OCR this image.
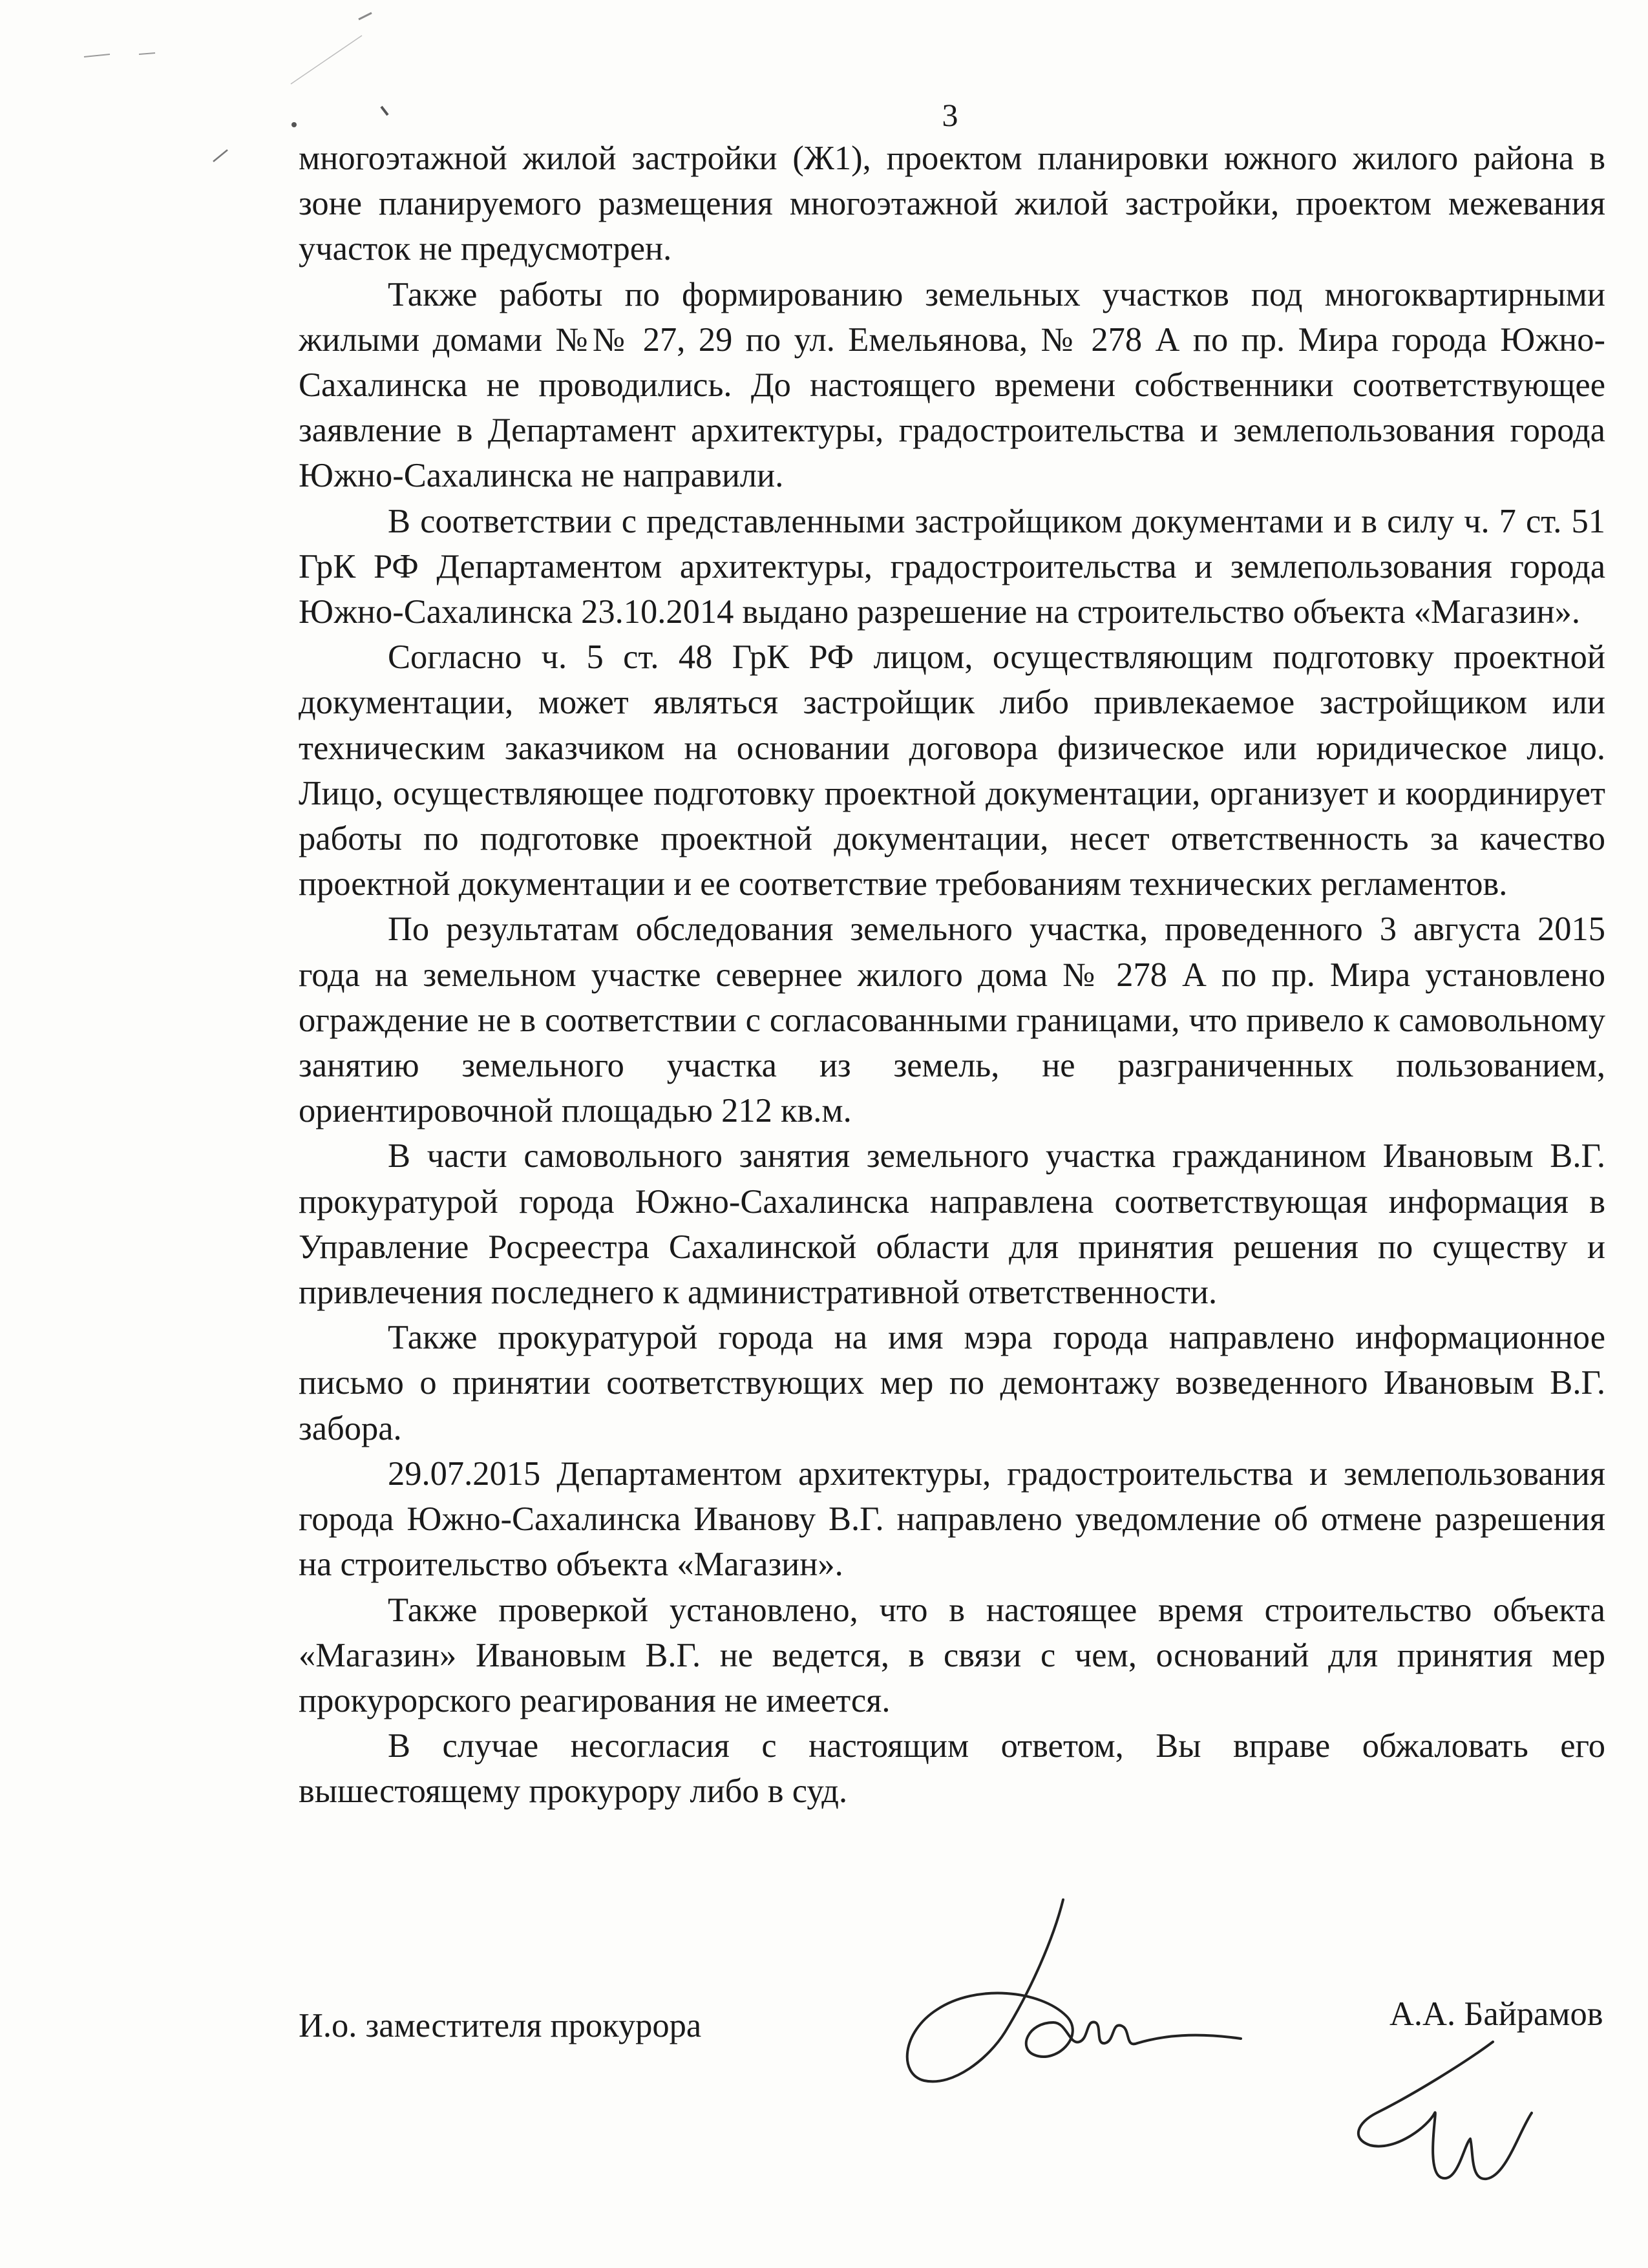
3

многоэтажной жилой застройки (Ж1), проектом планировки южного жилого района в зоне планируемого размещения многоэтажной жилой застройки, проектом межевания участок не предусмотрен.

Также работы по формированию земельных участков под многоквартирными жилыми домами №№ 27, 29 по ул. Емельянова, № 278 А по пр. Мира города Южно-Сахалинска не проводились. До настоящего времени собственники соответствующее заявление в Департамент архитектуры, градостроительства и землепользования города Южно-Сахалинска не направили.

В соответствии с представленными застройщиком документами и в силу ч. 7 ст. 51 ГрК РФ Департаментом архитектуры, градостроительства и землепользования города Южно-Сахалинска 23.10.2014 выдано разрешение на строительство объекта «Магазин».

Согласно ч. 5 ст. 48 ГрК РФ лицом, осуществляющим подготовку проектной документации, может являться застройщик либо привлекаемое застройщиком или техническим заказчиком на основании договора физическое или юридическое лицо. Лицо, осуществляющее подготовку проектной документации, организует и координирует работы по подготовке проектной документации, несет ответственность за качество проектной документации и ее соответствие требованиям технических регламентов.

По результатам обследования земельного участка, проведенного 3 августа 2015 года на земельном участке севернее жилого дома № 278 А по пр. Мира установлено ограждение не в соответствии с согласованными границами, что привело к самовольному занятию земельного участка из земель, не разграниченных пользованием, ориентировочной площадью 212 кв.м.

В части самовольного занятия земельного участка гражданином Ивановым В.Г. прокуратурой города Южно-Сахалинска направлена соответствующая информация в Управление Росреестра Сахалинской области для принятия решения по существу и привлечения последнего к административной ответственности.

Также прокуратурой города на имя мэра города направлено информационное письмо о принятии соответствующих мер по демонтажу возведенного Ивановым В.Г. забора.

29.07.2015 Департаментом архитектуры, градостроительства и землепользования города Южно-Сахалинска Иванову В.Г. направлено уведомление об отмене разрешения на строительство объекта «Магазин».

Также проверкой установлено, что в настоящее время строительство объекта «Магазин» Ивановым В.Г. не ведется, в связи с чем, оснований для принятия мер прокурорского реагирования не имеется.

В случае несогласия с настоящим ответом, Вы вправе обжаловать его вышестоящему прокурору либо в суд.

И.о. заместителя прокурора	А.А. Байрамов
